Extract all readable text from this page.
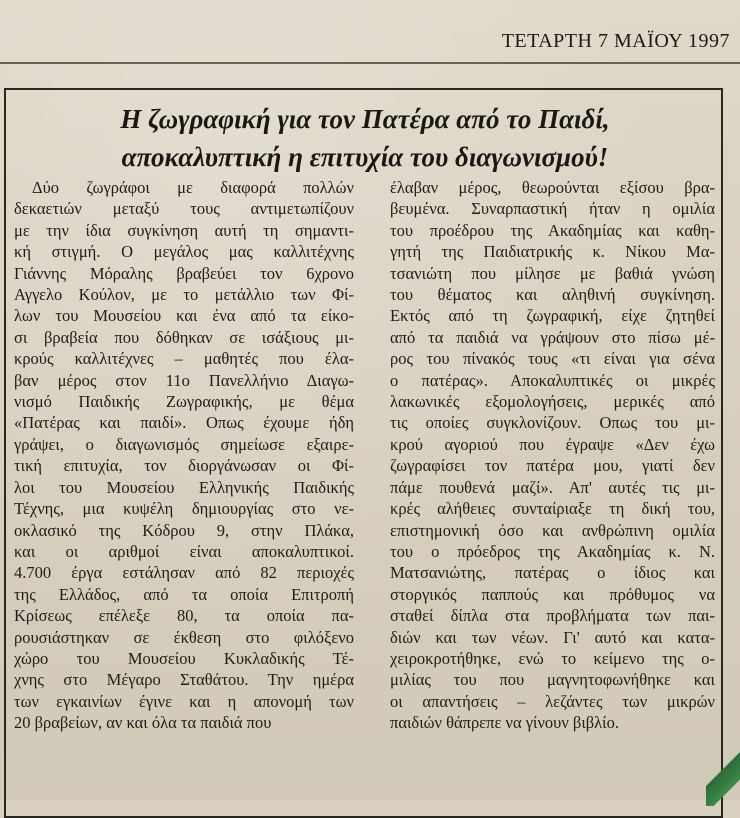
ΤΕΤΑΡΤΗ 7 ΜΑΪΟΥ 1997
Η ζωγραφική για τον Πατέρα από το Παιδί,
αποκαλυπτική η επιτυχία του διαγωνισμού!
Δύο ζωγράφοι με διαφορά πολλών
δεκαετιών μεταξύ τους αντιμετωπίζουν
με την ίδια συγκίνηση αυτή τη σημαντι-
κή στιγμή. Ο μεγάλος μας καλλιτέχνης
Γιάννης Μόραλης βραβεύει τον 6χρονο
Αγγελο Κούλον, με το μετάλλιο των Φί-
λων του Μουσείου και ένα από τα είκο-
σι βραβεία που δόθηκαν σε ισάξιους μι-
κρούς καλλιτέχνες – μαθητές που έλα-
βαν μέρος στον 11ο Πανελλήνιο Διαγω-
νισμό Παιδικής Ζωγραφικής, με θέμα
«Πατέρας και παιδί». Οπως έχουμε ήδη
γράψει, ο διαγωνισμός σημείωσε εξαιρε-
τική επιτυχία, τον διοργάνωσαν οι Φί-
λοι του Μουσείου Ελληνικής Παιδικής
Τέχνης, μια κυψέλη δημιουργίας στο νε-
οκλασικό της Κόδρου 9, στην Πλάκα,
και οι αριθμοί είναι αποκαλυπτικοί.
4.700 έργα εστάλησαν από 82 περιοχές
της Ελλάδος, από τα οποία Επιτροπή
Κρίσεως επέλεξε 80, τα οποία πα-
ρουσιάστηκαν σε έκθεση στο φιλόξενο
χώρο του Μουσείου Κυκλαδικής Τέ-
χνης στο Μέγαρο Σταθάτου. Την ημέρα
των εγκαινίων έγινε και η απονομή των
20 βραβείων, αν και όλα τα παιδιά που
έλαβαν μέρος, θεωρούνται εξίσου βρα-
βευμένα. Συναρπαστική ήταν η ομιλία
του προέδρου της Ακαδημίας και καθη-
γητή της Παιδιατρικής κ. Νίκου Μα-
τσανιώτη που μίλησε με βαθιά γνώση
του θέματος και αληθινή συγκίνηση.
Εκτός από τη ζωγραφική, είχε ζητηθεί
από τα παιδιά να γράψουν στο πίσω μέ-
ρος του πίνακός τους «τι είναι για σένα
ο πατέρας». Αποκαλυπτικές οι μικρές
λακωνικές εξομολογήσεις, μερικές από
τις οποίες συγκλονίζουν. Οπως του μι-
κρού αγοριού που έγραψε «Δεν έχω
ζωγραφίσει τον πατέρα μου, γιατί δεν
πάμε πουθενά μαζί». Απ' αυτές τις μι-
κρές αλήθειες συνταίριαξε τη δική του,
επιστημονική όσο και ανθρώπινη ομιλία
του ο πρόεδρος της Ακαδημίας κ. Ν.
Ματσανιώτης, πατέρας ο ίδιος και
στοργικός παππούς και πρόθυμος να
σταθεί δίπλα στα προβλήματα των παι-
διών και των νέων. Γι' αυτό και κατα-
χειροκροτήθηκε, ενώ το κείμενο της ο-
μιλίας του που μαγνητοφωνήθηκε και
οι απαντήσεις – λεζάντες των μικρών
παιδιών θάπρεπε να γίνουν βιβλίο.
